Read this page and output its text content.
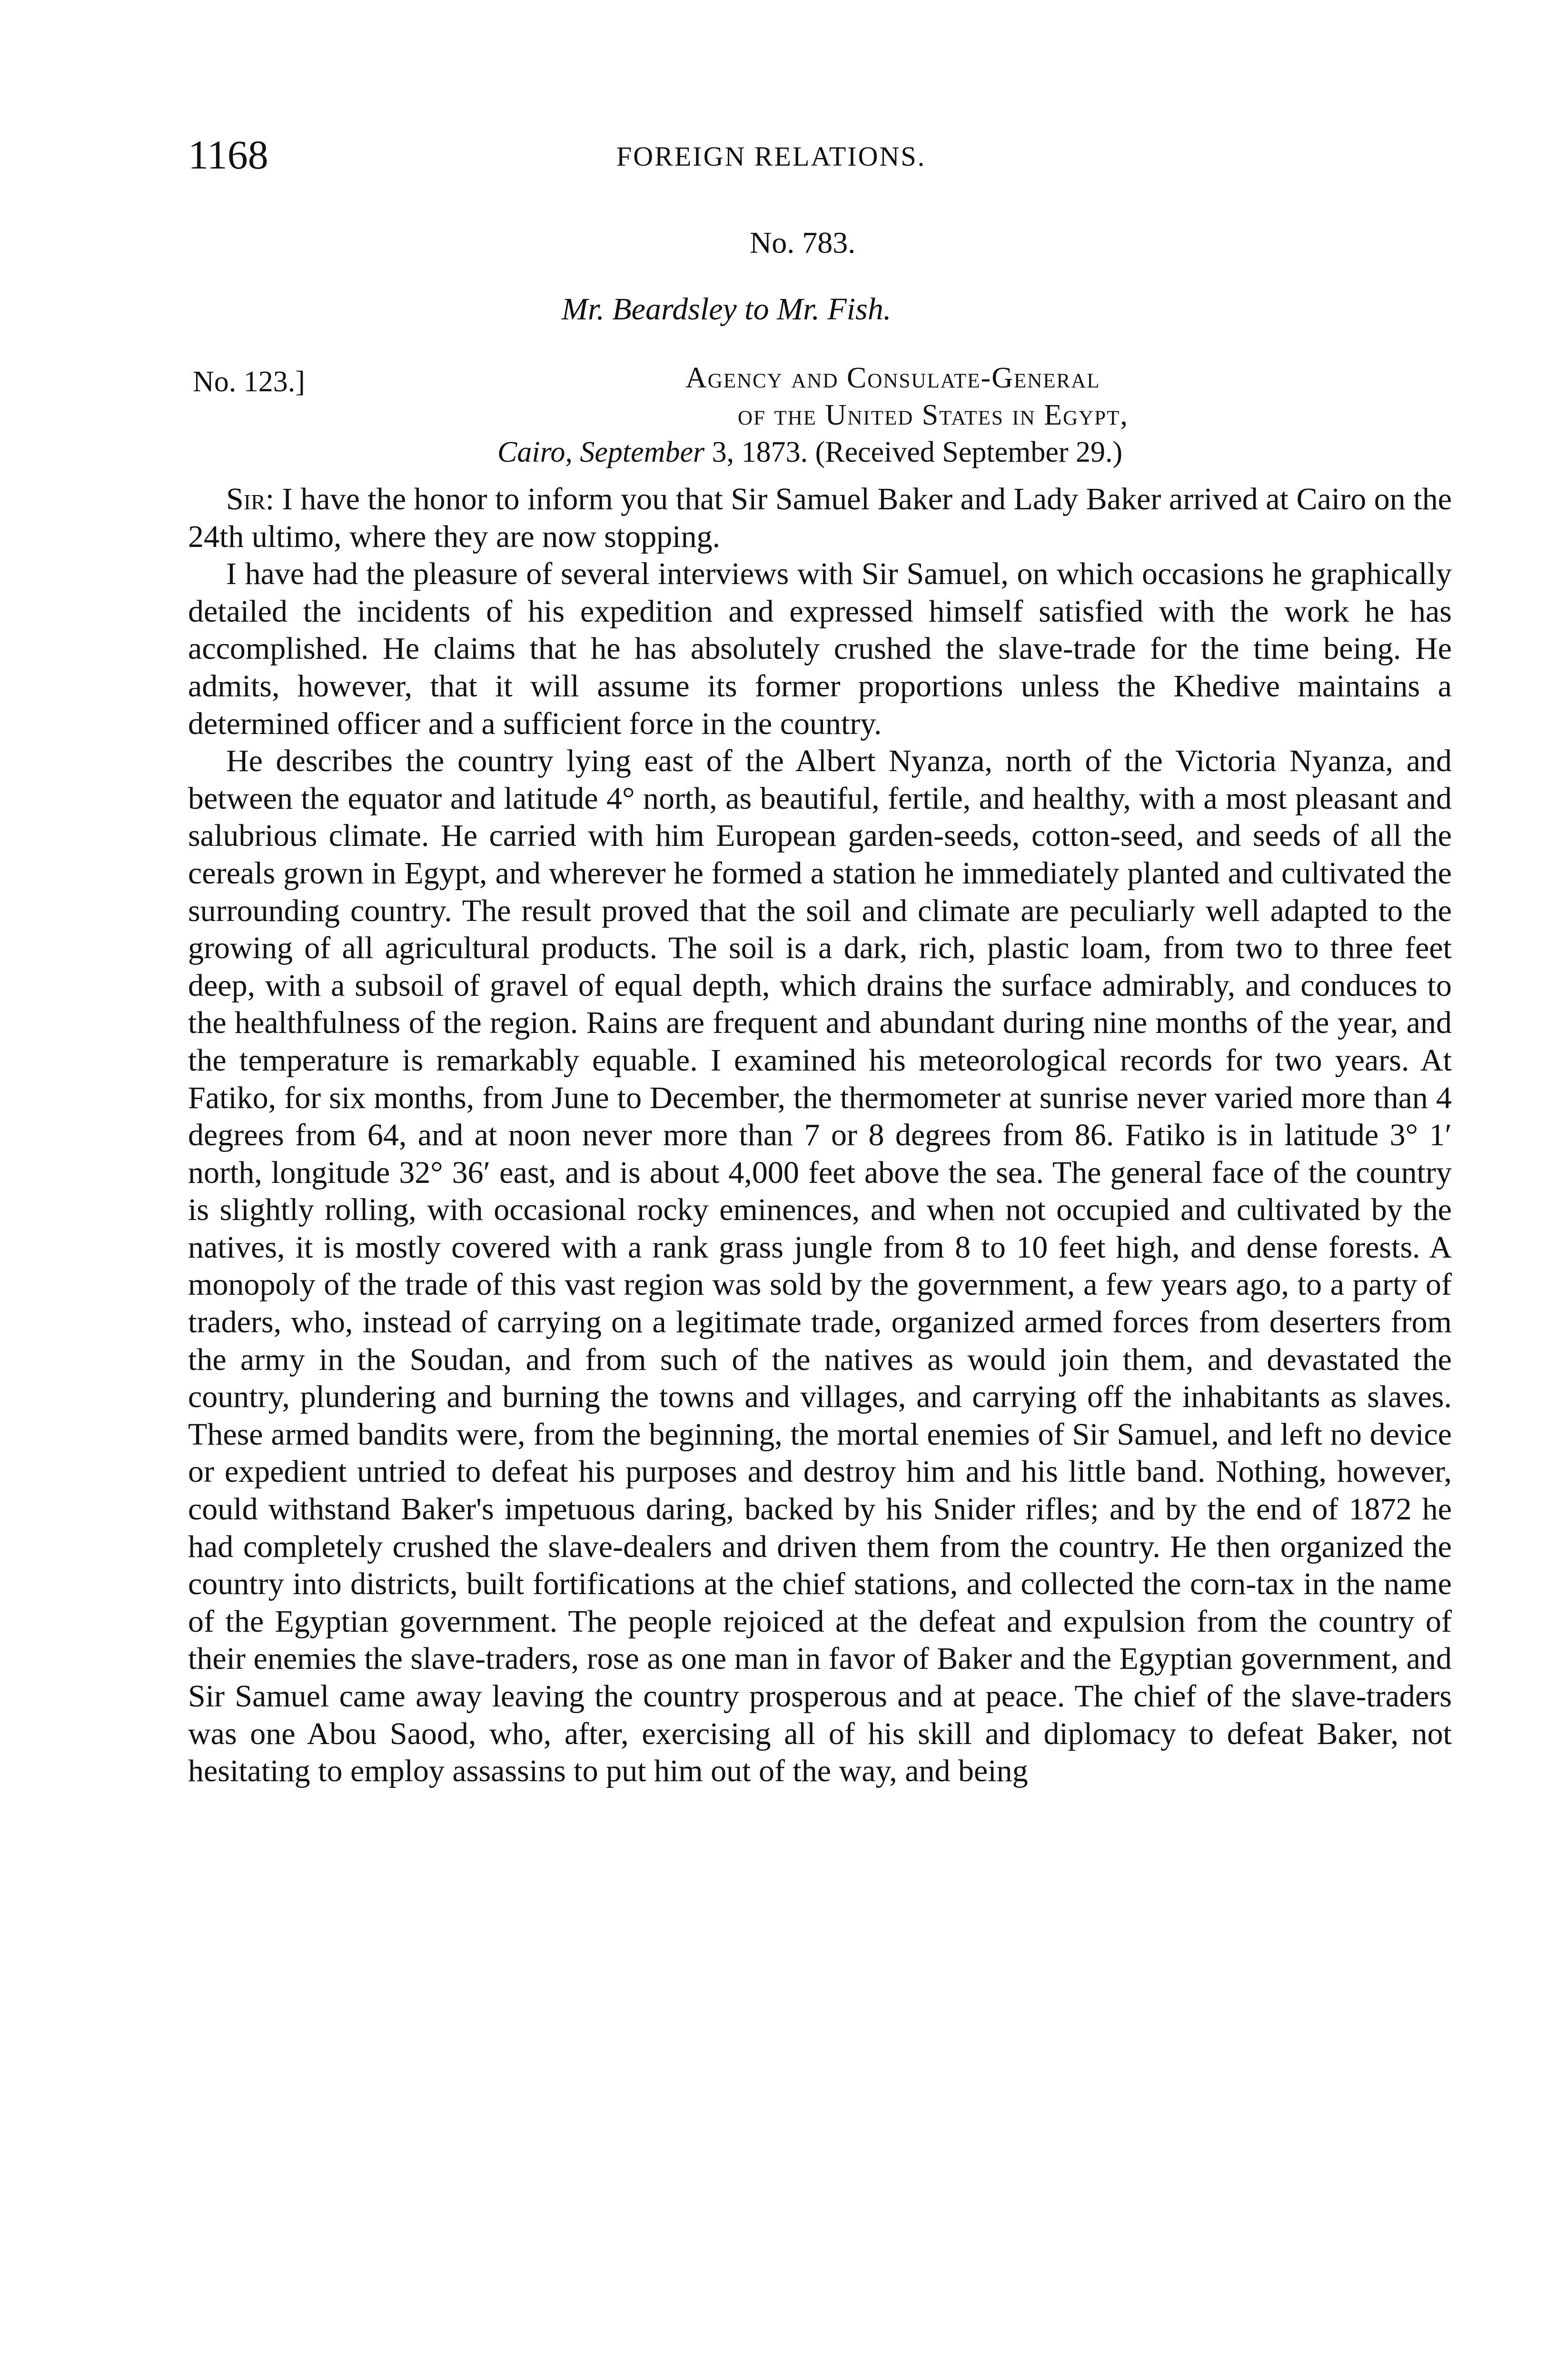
1168	FOREIGN RELATIONS.
No. 783.
Mr. Beardsley to Mr. Fish.
No. 123.]	Agency and Consulate-General
of the United States in Egypt,
Cairo, September 3, 1873. (Received September 29.)

Sir: I have the honor to inform you that Sir Samuel Baker and Lady Baker arrived at Cairo on the 24th ultimo, where they are now stopping.

I have had the pleasure of several interviews with Sir Samuel, on which occasions he graphically detailed the incidents of his expedition and expressed himself satisfied with the work he has accomplished. He claims that he has absolutely crushed the slave-trade for the time being. He admits, however, that it will assume its former proportions unless the Khedive maintains a determined officer and a sufficient force in the country.

He describes the country lying east of the Albert Nyanza, north of the Victoria Nyanza, and between the equator and latitude 4° north, as beautiful, fertile, and healthy, with a most pleasant and salubrious climate. He carried with him European garden-seeds, cotton-seed, and seeds of all the cereals grown in Egypt, and wherever he formed a station he immediately planted and cultivated the surrounding country. The result proved that the soil and climate are peculiarly well adapted to the growing of all agricultural products. The soil is a dark, rich, plastic loam, from two to three feet deep, with a subsoil of gravel of equal depth, which drains the surface admirably, and conduces to the healthfulness of the region. Rains are frequent and abundant during nine months of the year, and the temperature is remarkably equable. I examined his meteorological records for two years. At Fatiko, for six months, from June to December, the thermometer at sunrise never varied more than 4 degrees from 64, and at noon never more than 7 or 8 degrees from 86. Fatiko is in latitude 3° 1′ north, longitude 32° 36′ east, and is about 4,000 feet above the sea. The general face of the country is slightly rolling, with occasional rocky eminences, and when not occupied and cultivated by the natives, it is mostly covered with a rank grass jungle from 8 to 10 feet high, and dense forests. A monopoly of the trade of this vast region was sold by the government, a few years ago, to a party of traders, who, instead of carrying on a legitimate trade, organized armed forces from deserters from the army in the Soudan, and from such of the natives as would join them, and devastated the country, plundering and burning the towns and villages, and carrying off the inhabitants as slaves. These armed bandits were, from the beginning, the mortal enemies of Sir Samuel, and left no device or expedient untried to defeat his purposes and destroy him and his little band. Nothing, however, could withstand Baker's impetuous daring, backed by his Snider rifles; and by the end of 1872 he had completely crushed the slave-dealers and driven them from the country. He then organized the country into districts, built fortifications at the chief stations, and collected the corn-tax in the name of the Egyptian government. The people rejoiced at the defeat and expulsion from the country of their enemies the slave-traders, rose as one man in favor of Baker and the Egyptian government, and Sir Samuel came away leaving the country prosperous and at peace. The chief of the slave-traders was one Abou Saood, who, after, exercising all of his skill and diplomacy to defeat Baker, not hesitating to employ assassins to put him out of the way, and being
